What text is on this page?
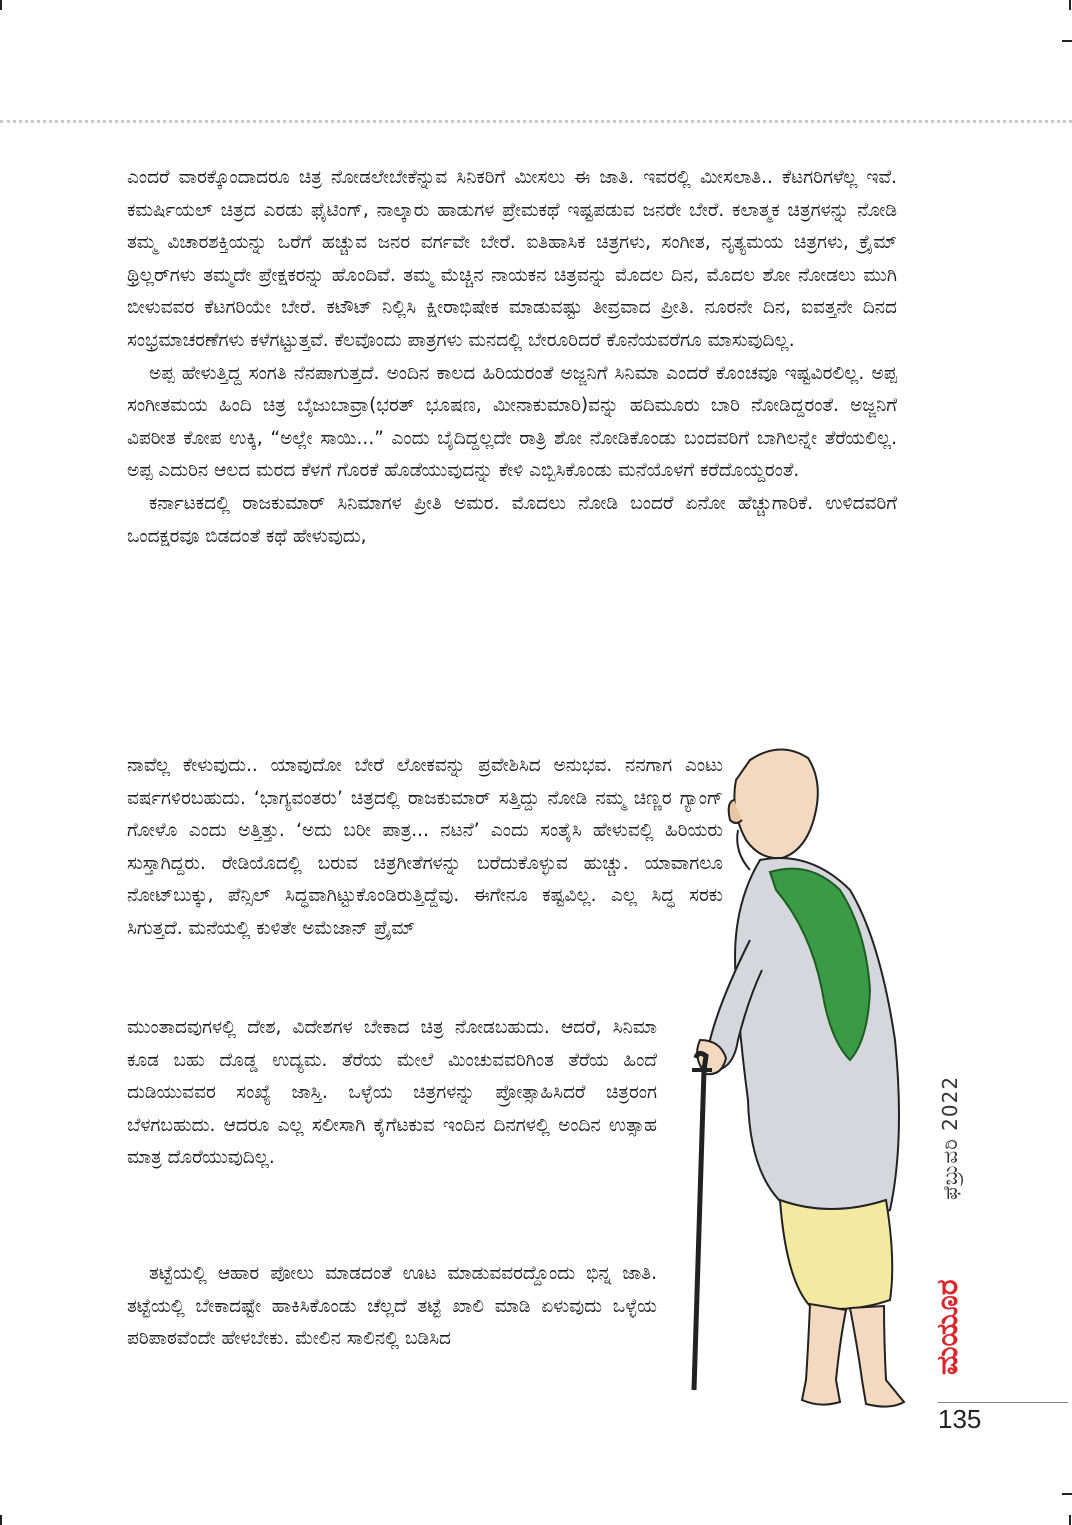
ಎಂದರೆ ವಾರಕ್ಕೊಂದಾದರೂ ಚಿತ್ರ ನೋಡಲೇಬೇಕೆನ್ನುವ ಸಿನಿಕರಿಗೆ ಮೀಸಲು ಈ ಜಾತಿ. ಇವರಲ್ಲಿ ಮೀಸಲಾತಿ.. ಕೆಟಗರಿಗಳೆಲ್ಲ ಇವೆ. ಕಮರ್ಷಿಯಲ್ ಚಿತ್ರದ ಎರಡು ಫೈಟಿಂಗ್, ನಾಲ್ಕಾರು ಹಾಡುಗಳ ಪ್ರೇಮಕಥೆ ಇಷ್ಟಪಡುವ ಜನರೇ ಬೇರೆ. ಕಲಾತ್ಮಕ ಚಿತ್ರಗಳನ್ನು ನೋಡಿ ತಮ್ಮ ವಿಚಾರಶಕ್ತಿಯನ್ನು ಒರೆಗೆ ಹಚ್ಚುವ ಜನರ ವರ್ಗವೇ ಬೇರೆ. ಐತಿಹಾಸಿಕ ಚಿತ್ರಗಳು, ಸಂಗೀತ, ನೃತ್ಯಮಯ ಚಿತ್ರಗಳು, ಕ್ರೈಮ್ ಥ್ರಿಲ್ಲರ್‌ಗಳು ತಮ್ಮದೇ ಪ್ರೇಕ್ಷಕರನ್ನು ಹೊಂದಿವೆ. ತಮ್ಮ ಮೆಚ್ಚಿನ ನಾಯಕನ ಚಿತ್ರವನ್ನು ಮೊದಲ ದಿನ, ಮೊದಲ ಶೋ ನೋಡಲು ಮುಗಿ ಬೀಳುವವರ ಕೆಟಗರಿಯೇ ಬೇರೆ. ಕಟೌಟ್ ನಿಲ್ಲಿಸಿ ಕ್ಷೀರಾಭಿಷೇಕ ಮಾಡುವಷ್ಟು ತೀವ್ರವಾದ ಪ್ರೀತಿ. ನೂರನೇ ದಿನ, ಐವತ್ತನೇ ದಿನದ ಸಂಭ್ರಮಾಚರಣೆಗಳು ಕಳೆಗಟ್ಟುತ್ತವೆ. ಕೆಲವೊಂದು ಪಾತ್ರಗಳು ಮನದಲ್ಲಿ ಬೇರೂರಿದರೆ ಕೊನೆಯವರೆಗೂ ಮಾಸುವುದಿಲ್ಲ.

ಅಪ್ಪ ಹೇಳುತ್ತಿದ್ದ ಸಂಗತಿ ನೆನಪಾಗುತ್ತದೆ. ಅಂದಿನ ಕಾಲದ ಹಿರಿಯರಂತೆ ಅಜ್ಜನಿಗೆ ಸಿನಿಮಾ ಎಂದರೆ ಕೊಂಚವೂ ಇಷ್ಟವಿರಲಿಲ್ಲ. ಅಪ್ಪ ಸಂಗೀತಮಯ ಹಿಂದಿ ಚಿತ್ರ ಬೈಜುಬಾವ್ರಾ(ಭರತ್ ಭೂಷಣ, ಮೀನಾಕುಮಾರಿ)ವನ್ನು ಹದಿಮೂರು ಬಾರಿ ನೋಡಿದ್ದರಂತೆ. ಅಜ್ಜನಿಗೆ ವಿಪರೀತ ಕೋಪ ಉಕ್ಕಿ, “ಅಲ್ಲೇ ಸಾಯಿ...” ಎಂದು ಬೈದಿದ್ದಲ್ಲದೇ ರಾತ್ರಿ ಶೋ ನೋಡಿಕೊಂಡು ಬಂದವರಿಗೆ ಬಾಗಿಲನ್ನೇ ತೆರೆಯಲಿಲ್ಲ. ಅಪ್ಪ ಎದುರಿನ ಆಲದ ಮರದ ಕೆಳಗೆ ಗೊರಕೆ ಹೊಡೆಯುವುದನ್ನು ಕೇಳಿ ಎಬ್ಬಿಸಿಕೊಂಡು ಮನೆಯೊಳಗೆ ಕರೆದೊಯ್ದರಂತೆ.

ಕರ್ನಾಟಕದಲ್ಲಿ ರಾಜಕುಮಾರ್ ಸಿನಿಮಾಗಳ ಪ್ರೀತಿ ಅಮರ. ಮೊದಲು ನೋಡಿ ಬಂದರೆ ಏನೋ ಹೆಚ್ಚುಗಾರಿಕೆ. ಉಳಿದವರಿಗೆ ಒಂದಕ್ಷರವೂ ಬಿಡದಂತೆ ಕಥೆ ಹೇಳುವುದು,

ನಾವೆಲ್ಲ ಕೇಳುವುದು.. ಯಾವುದೋ ಬೇರೆ ಲೋಕವನ್ನು ಪ್ರವೇಶಿಸಿದ ಅನುಭವ. ನನಗಾಗ ಎಂಟು ವರ್ಷಗಳಿರಬಹುದು. ‘ಭಾಗ್ಯವಂತರು’ ಚಿತ್ರದಲ್ಲಿ ರಾಜಕುಮಾರ್ ಸತ್ತಿದ್ದು ನೋಡಿ ನಮ್ಮ ಚಿಣ್ಣರ ಗ್ಯಾಂಗ್ ಗೋಳೊ ಎಂದು ಅತ್ತಿತ್ತು. ‘ಅದು ಬರೀ ಪಾತ್ರ... ನಟನೆ’ ಎಂದು ಸಂತೈಸಿ ಹೇಳುವಲ್ಲಿ ಹಿರಿಯರು ಸುಸ್ತಾಗಿದ್ದರು. ರೇಡಿಯೊದಲ್ಲಿ ಬರುವ ಚಿತ್ರಗೀತೆಗಳನ್ನು ಬರೆದುಕೊಳ್ಳುವ ಹುಚ್ಚು. ಯಾವಾಗಲೂ ನೋಟ್‌ಬುಕ್ಕು, ಪೆನ್ಸಿಲ್ ಸಿದ್ಧವಾಗಿಟ್ಟುಕೊಂಡಿರುತ್ತಿದ್ದೆವು. ಈಗೇನೂ ಕಷ್ಟವಿಲ್ಲ. ಎಲ್ಲ ಸಿದ್ಧ ಸರಕು ಸಿಗುತ್ತದೆ. ಮನೆಯಲ್ಲಿ ಕುಳಿತೇ ಅಮೆಜಾನ್ ಪ್ರೈಮ್

ಮುಂತಾದವುಗಳಲ್ಲಿ ದೇಶ, ವಿದೇಶಗಳ ಬೇಕಾದ ಚಿತ್ರ ನೋಡಬಹುದು. ಆದರೆ, ಸಿನಿಮಾ ಕೂಡ ಬಹು ದೊಡ್ಡ ಉದ್ಯಮ. ತೆರೆಯ ಮೇಲೆ ಮಿಂಚುವವರಿಗಿಂತ ತೆರೆಯ ಹಿಂದೆ ದುಡಿಯುವವರ ಸಂಖ್ಯೆ ಜಾಸ್ತಿ. ಒಳ್ಳೆಯ ಚಿತ್ರಗಳನ್ನು ಪ್ರೋತ್ಸಾಹಿಸಿದರೆ ಚಿತ್ರರಂಗ ಬೆಳಗಬಹುದು. ಆದರೂ ಎಲ್ಲ ಸಲೀಸಾಗಿ ಕೈಗೆಟಕುವ ಇಂದಿನ ದಿನಗಳಲ್ಲಿ ಅಂದಿನ ಉತ್ಸಾಹ ಮಾತ್ರ ದೊರೆಯುವುದಿಲ್ಲ.

ತಟ್ಟೆಯಲ್ಲಿ ಆಹಾರ ಪೋಲು ಮಾಡದಂತೆ ಊಟ ಮಾಡುವವರದ್ದೊಂದು ಭಿನ್ನ ಜಾತಿ. ತಟ್ಟೆಯಲ್ಲಿ ಬೇಕಾದಷ್ಟೇ ಹಾಕಿಸಿಕೊಂಡು ಚೆಲ್ಲದೆ ತಟ್ಟೆ ಖಾಲಿ ಮಾಡಿ ಏಳುವುದು ಒಳ್ಳೆಯ ಪರಿಪಾಠವೆಂದೇ ಹೇಳಬೇಕು. ಮೇಲಿನ ಸಾಲಿನಲ್ಲಿ ಬಡಿಸಿದ

ಫೆಬ್ರುವರಿ 2022
ಮಯೂರ
135
